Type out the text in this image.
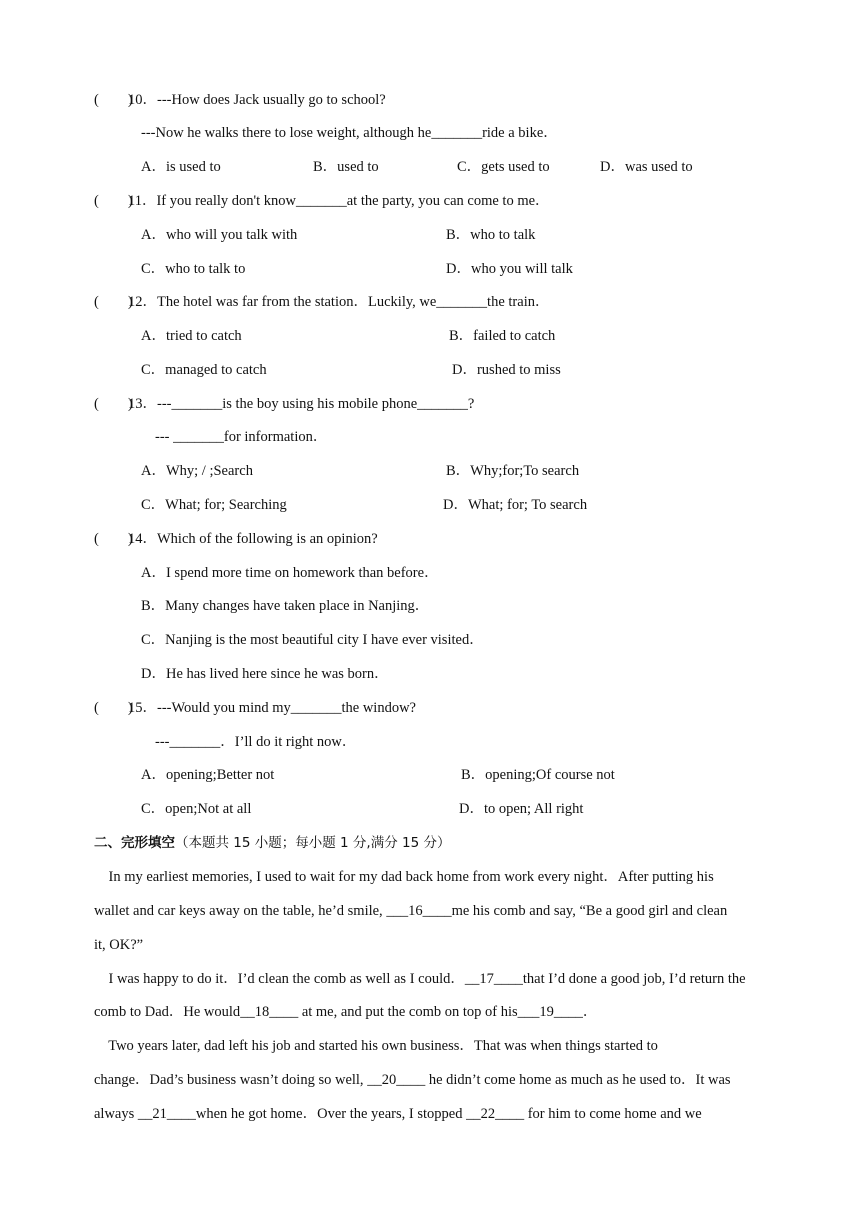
(        )
10．---How does Jack usually go to school?
---Now he walks there to lose weight, although he_______ride a bike．
A．is used to	B．used to	C．gets used to	D．was used to
(        )
11．If you really don't know_______at the party, you can come to me．
A．who will you talk with	B．who to talk
C．who to talk to	D．who you will talk
(        )
12．The hotel was far from the station．Luckily, we_______the train．
A．tried to catch	B．failed to catch
C．managed to catch	D．rushed to miss
(        )
13．---_______is the boy using his mobile phone_______?
--- _______for information．
A．Why; / ;Search	B．Why;for;To search
C．What; for; Searching	D．What; for; To search
(        )
14．Which of the following is an opinion?
A．I spend more time on homework than before．
B．Many changes have taken place in Nanjing．
C．Nanjing is the most beautiful city I have ever visited．
D．He has lived here since he was born．
(        )
15．---Would you mind my_______the window?
---_______．I’ll do it right now．
A．opening;Better not	B．opening;Of course not
C．open;Not at all	D．to open; All right
二、完形填空（本题共 15 小题；每小题 1 分,满分 15 分）
In my earliest memories, I used to wait for my dad back home from work every night．After putting his
wallet and car keys away on the table, he’d smile, ___16____me his comb and say, “Be a good girl and clean
it, OK?”
I was happy to do it．I’d clean the comb as well as I could．__17____that I’d done a good job, I’d return the
comb to Dad．He would__18____ at me, and put the comb on top of his___19____．
Two years later, dad left his job and started his own business．That was when things started to
change．Dad’s business wasn’t doing so well, __20____ he didn’t come home as much as he used to．It was
always __21____when he got home．Over the years, I stopped __22____ for him to come home and we
